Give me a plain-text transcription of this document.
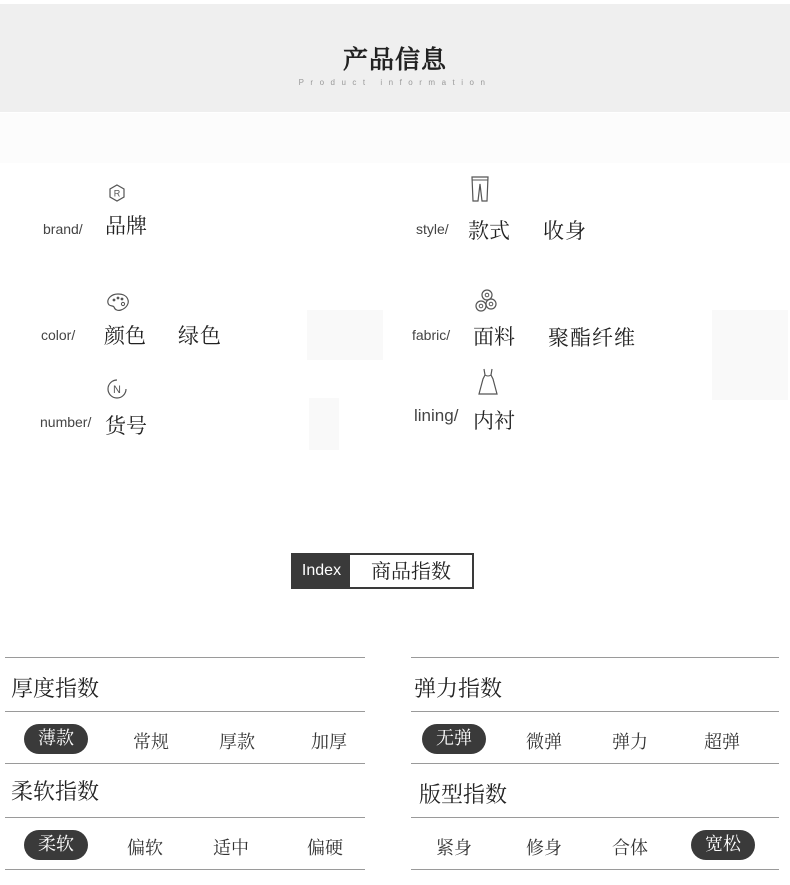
产品信息
Product information
R
brand/ 品牌	style/ 款式 收身
color/ 颜色 绿色	fabric/ 面料 聚酯纤维
N
number/ 货号	lining/ 内衬
Index	商品指数
厚度指数
薄款	常规	厚款	加厚
柔软指数
柔软	偏软	适中	偏硬
弹力指数
无弹	微弹	弹力	超弹
版型指数
紧身	修身	合体	宽松
